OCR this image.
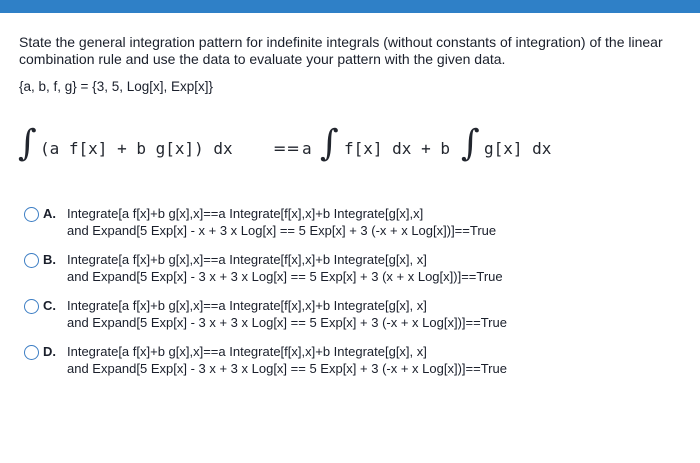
State the general integration pattern for indefinite integrals (without constants of integration) of the linear combination rule and use the data to evaluate your pattern with the given data.
{a, b, f, g} = {3, 5, Log[x], Exp[x]}
∫ (a f[x] + b g[x]) dx	== a ∫ f[x] dx + b ∫ g[x] dx
A. Integrate[a f[x]+b g[x],x]==a Integrate[f[x],x]+b Integrate[g[x],x]
and Expand[5 Exp[x] - x + 3 x Log[x] == 5 Exp[x] + 3 (-x + x Log[x])]==True
B. Integrate[a f[x]+b g[x],x]==a Integrate[f[x],x]+b Integrate[g[x], x]
and Expand[5 Exp[x] - 3 x + 3 x Log[x] == 5 Exp[x] + 3 (x + x Log[x])]==True
C. Integrate[a f[x]+b g[x],x]==a Integrate[f[x],x]+b Integrate[g[x], x]
and Expand[5 Exp[x] - 3 x + 3 x Log[x] == 5 Exp[x] + 3 (-x + x Log[x])]==True
D. Integrate[a f[x]+b g[x],x]==a Integrate[f[x],x]+b Integrate[g[x], x]
and Expand[5 Exp[x] - 3 x + 3 x Log[x] == 5 Exp[x] + 3 (-x + x Log[x])]==True
